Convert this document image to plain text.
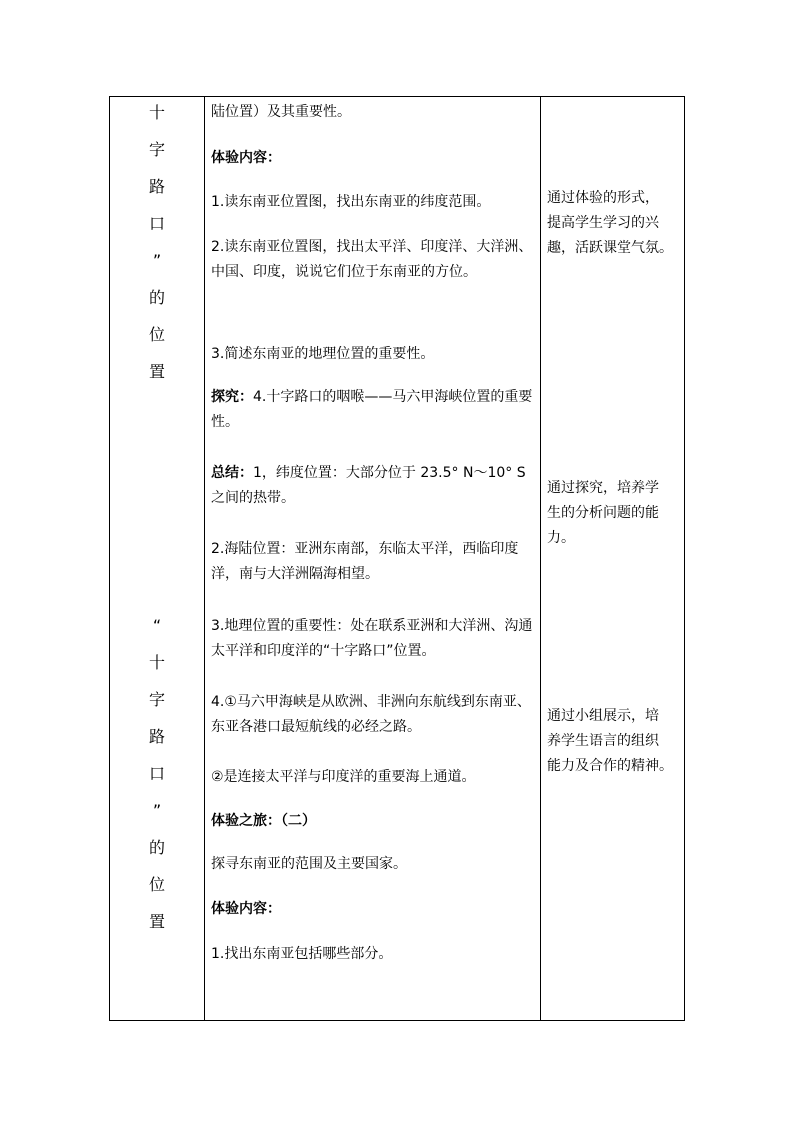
十
字
路
口
”
的
位
置
“
十
字
路
口
”
的
位
置

陆位置）及其重要性。

体验内容：

1.读东南亚位置图，找出东南亚的纬度范围。

2.读东南亚位置图，找出太平洋、印度洋、大洋洲、中国、印度，说说它们位于东南亚的方位。

3.简述东南亚的地理位置的重要性。

探究：4.十字路口的咽喉——马六甲海峡位置的重要性。

总结：1，纬度位置：大部分位于 23.5° N～10° S之间的热带。

2.海陆位置：亚洲东南部，东临太平洋，西临印度洋，南与大洋洲隔海相望。

3.地理位置的重要性：处在联系亚洲和大洋洲、沟通太平洋和印度洋的“十字路口”位置。

4.①马六甲海峡是从欧洲、非洲向东航线到东南亚、东亚各港口最短航线的必经之路。

②是连接太平洋与印度洋的重要海上通道。

体验之旅：（二）

探寻东南亚的范围及主要国家。

体验内容：

1.找出东南亚包括哪些部分。

通过体验的形式，
提高学生学习的兴
趣，活跃课堂气氛。

通过探究，培养学
生的分析问题的能
力。

通过小组展示，培
养学生语言的组织
能力及合作的精神。
